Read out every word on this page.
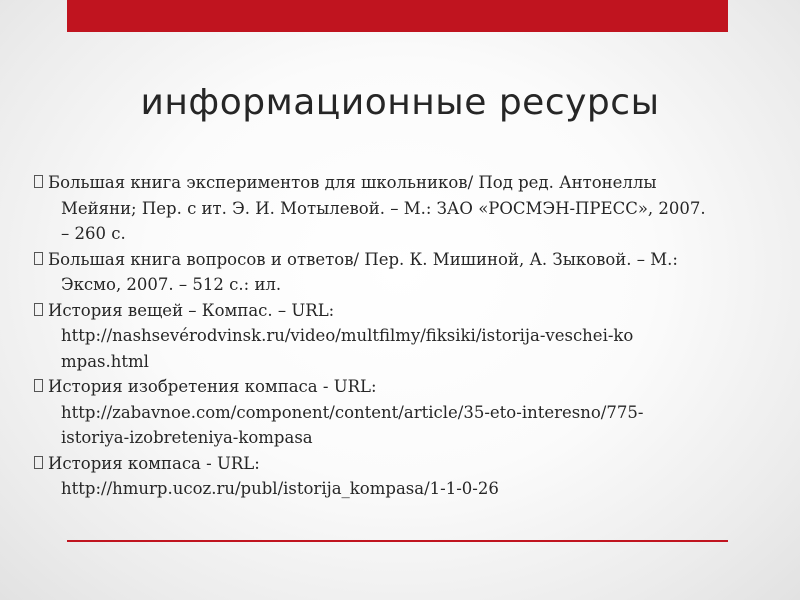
информационные ресурсы
Большая книга экспериментов для школьников/ Под ред. Антонеллы
Мейяни; Пер. с ит. Э. И. Мотылевой. – М.: ЗАО «РОСМЭН-ПРЕСС», 2007.
– 260 с.
Большая книга вопросов и ответов/ Пер. К. Мишиной, А. Зыковой. – М.:
Эксмо, 2007. – 512 с.: ил.
История вещей – Компас. – URL:
http://nashsevérodvinsk.ru/video/multfilmy/fiksiki/istorija-veschei-ko
mpas.html
История изобретения компаса - URL:
http://zabavnoe.com/component/content/article/35-eto-interesno/775-
istoriya-izobreteniya-kompasa
История компаса - URL:
http://hmurp.ucoz.ru/publ/istorija_kompasa/1-1-0-26
